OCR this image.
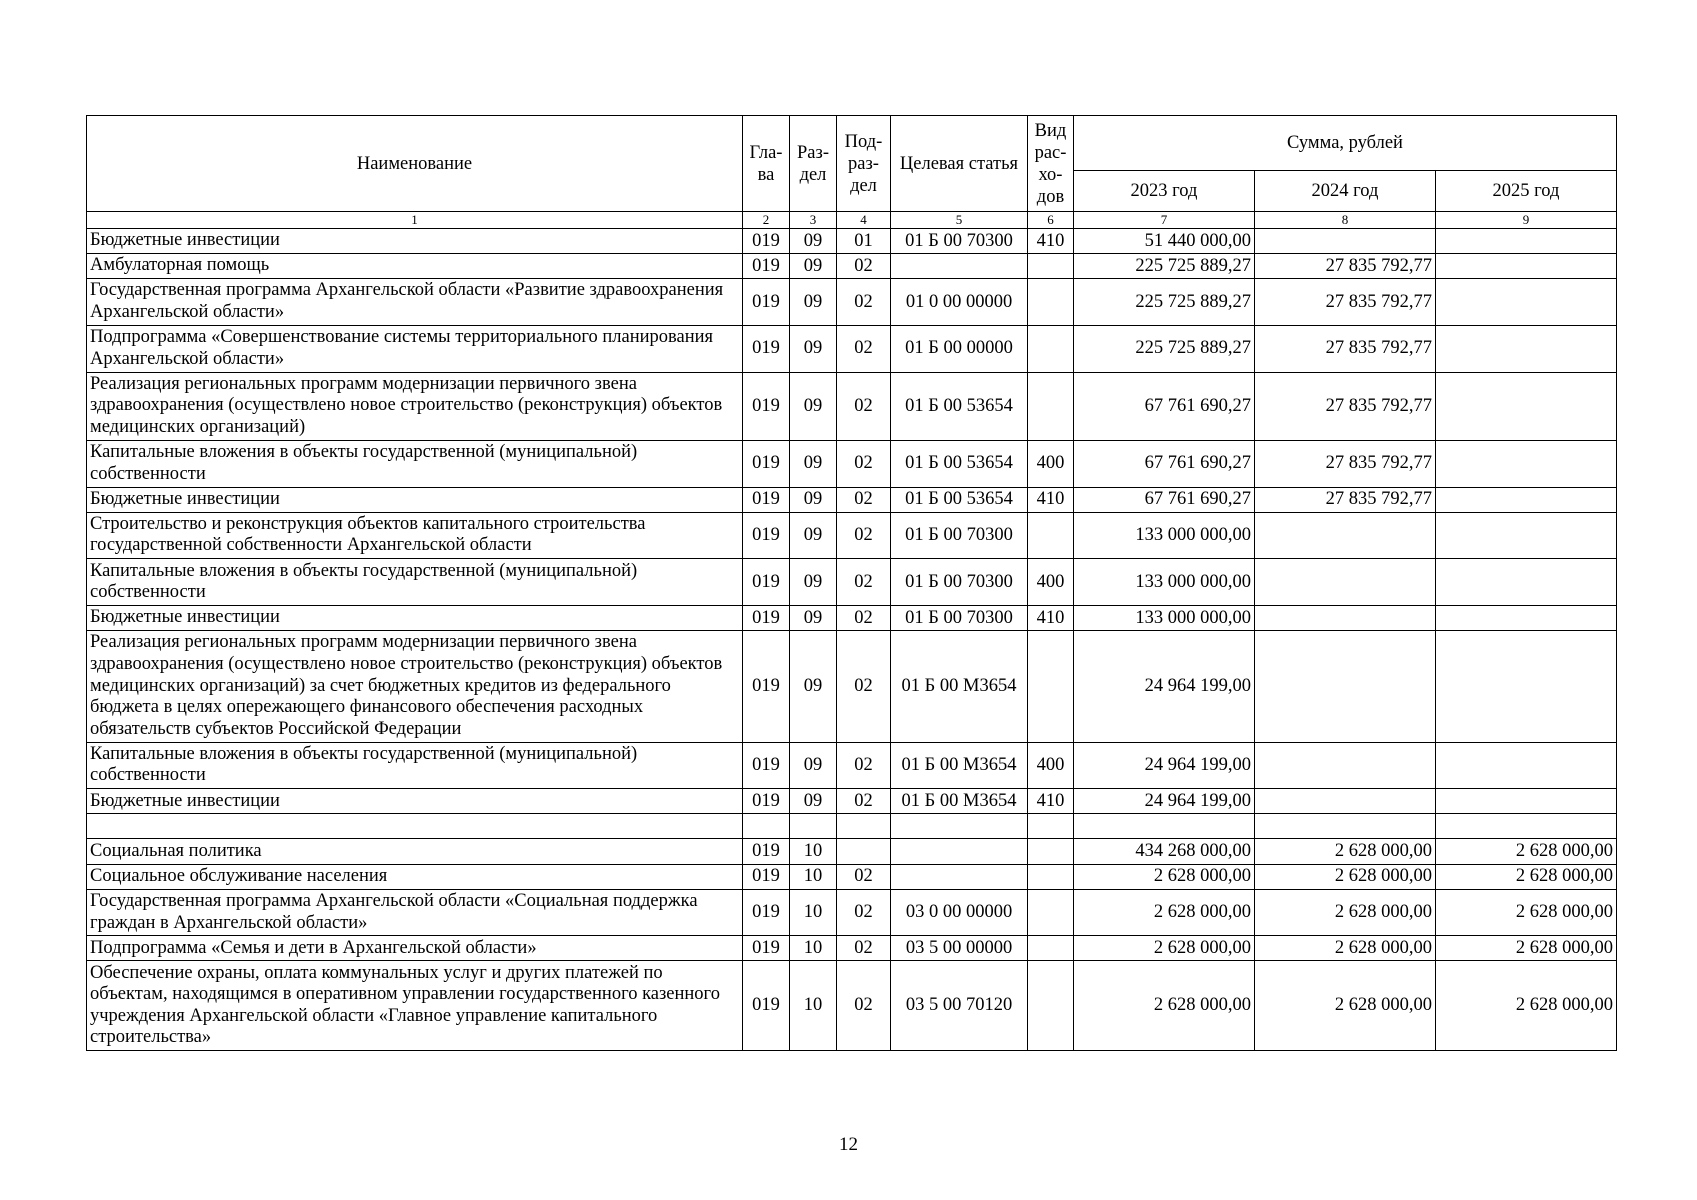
Наименование	Гла-ва	Раз-дел	Под-раз-дел	Целевая статья	Вид рас-хо-дов	Сумма, рублей		
						2023 год	2024 год	2025 год
1	2	3	4	5	6	7	8	9
Бюджетные инвестиции	019	09	01	01 Б 00 70300	410	51 440 000,00		
Амбулаторная помощь	019	09	02			225 725 889,27	27 835 792,77	
Государственная программа Архангельской области «Развитие здравоохранения Архангельской области»	019	09	02	01 0 00 00000		225 725 889,27	27 835 792,77	
Подпрограмма «Совершенствование системы территориального планирования Архангельской области»	019	09	02	01 Б 00 00000		225 725 889,27	27 835 792,77	
Реализация региональных программ модернизации первичного звена здравоохранения (осуществлено новое строительство (реконструкция) объектов медицинских организаций)	019	09	02	01 Б 00 53654		67 761 690,27	27 835 792,77	
Капитальные вложения в объекты государственной (муниципальной) собственности	019	09	02	01 Б 00 53654	400	67 761 690,27	27 835 792,77	
Бюджетные инвестиции	019	09	02	01 Б 00 53654	410	67 761 690,27	27 835 792,77	
Строительство и реконструкция объектов капитального строительства государственной собственности Архангельской области	019	09	02	01 Б 00 70300		133 000 000,00		
Капитальные вложения в объекты государственной (муниципальной) собственности	019	09	02	01 Б 00 70300	400	133 000 000,00		
Бюджетные инвестиции	019	09	02	01 Б 00 70300	410	133 000 000,00		
Реализация региональных программ модернизации первичного звена здравоохранения (осуществлено новое строительство (реконструкция) объектов медицинских организаций) за счет бюджетных кредитов из федерального бюджета в целях опережающего финансового обеспечения расходных обязательств субъектов Российской Федерации	019	09	02	01 Б 00 М3654		24 964 199,00		
Капитальные вложения в объекты государственной (муниципальной) собственности	019	09	02	01 Б 00 М3654	400	24 964 199,00		
Бюджетные инвестиции	019	09	02	01 Б 00 М3654	410	24 964 199,00		

Социальная политика	019	10				434 268 000,00	2 628 000,00	2 628 000,00
Социальное обслуживание населения	019	10	02			2 628 000,00	2 628 000,00	2 628 000,00
Государственная программа Архангельской области «Социальная поддержка граждан в Архангельской области»	019	10	02	03 0 00 00000		2 628 000,00	2 628 000,00	2 628 000,00
Подпрограмма «Семья и дети в Архангельской области»	019	10	02	03 5 00 00000		2 628 000,00	2 628 000,00	2 628 000,00
Обеспечение охраны, оплата коммунальных услуг и других платежей по объектам, находящимся в оперативном управлении государственного казенного учреждения Архангельской области «Главное управление капитального строительства»	019	10	02	03 5 00 70120		2 628 000,00	2 628 000,00	2 628 000,00
12
